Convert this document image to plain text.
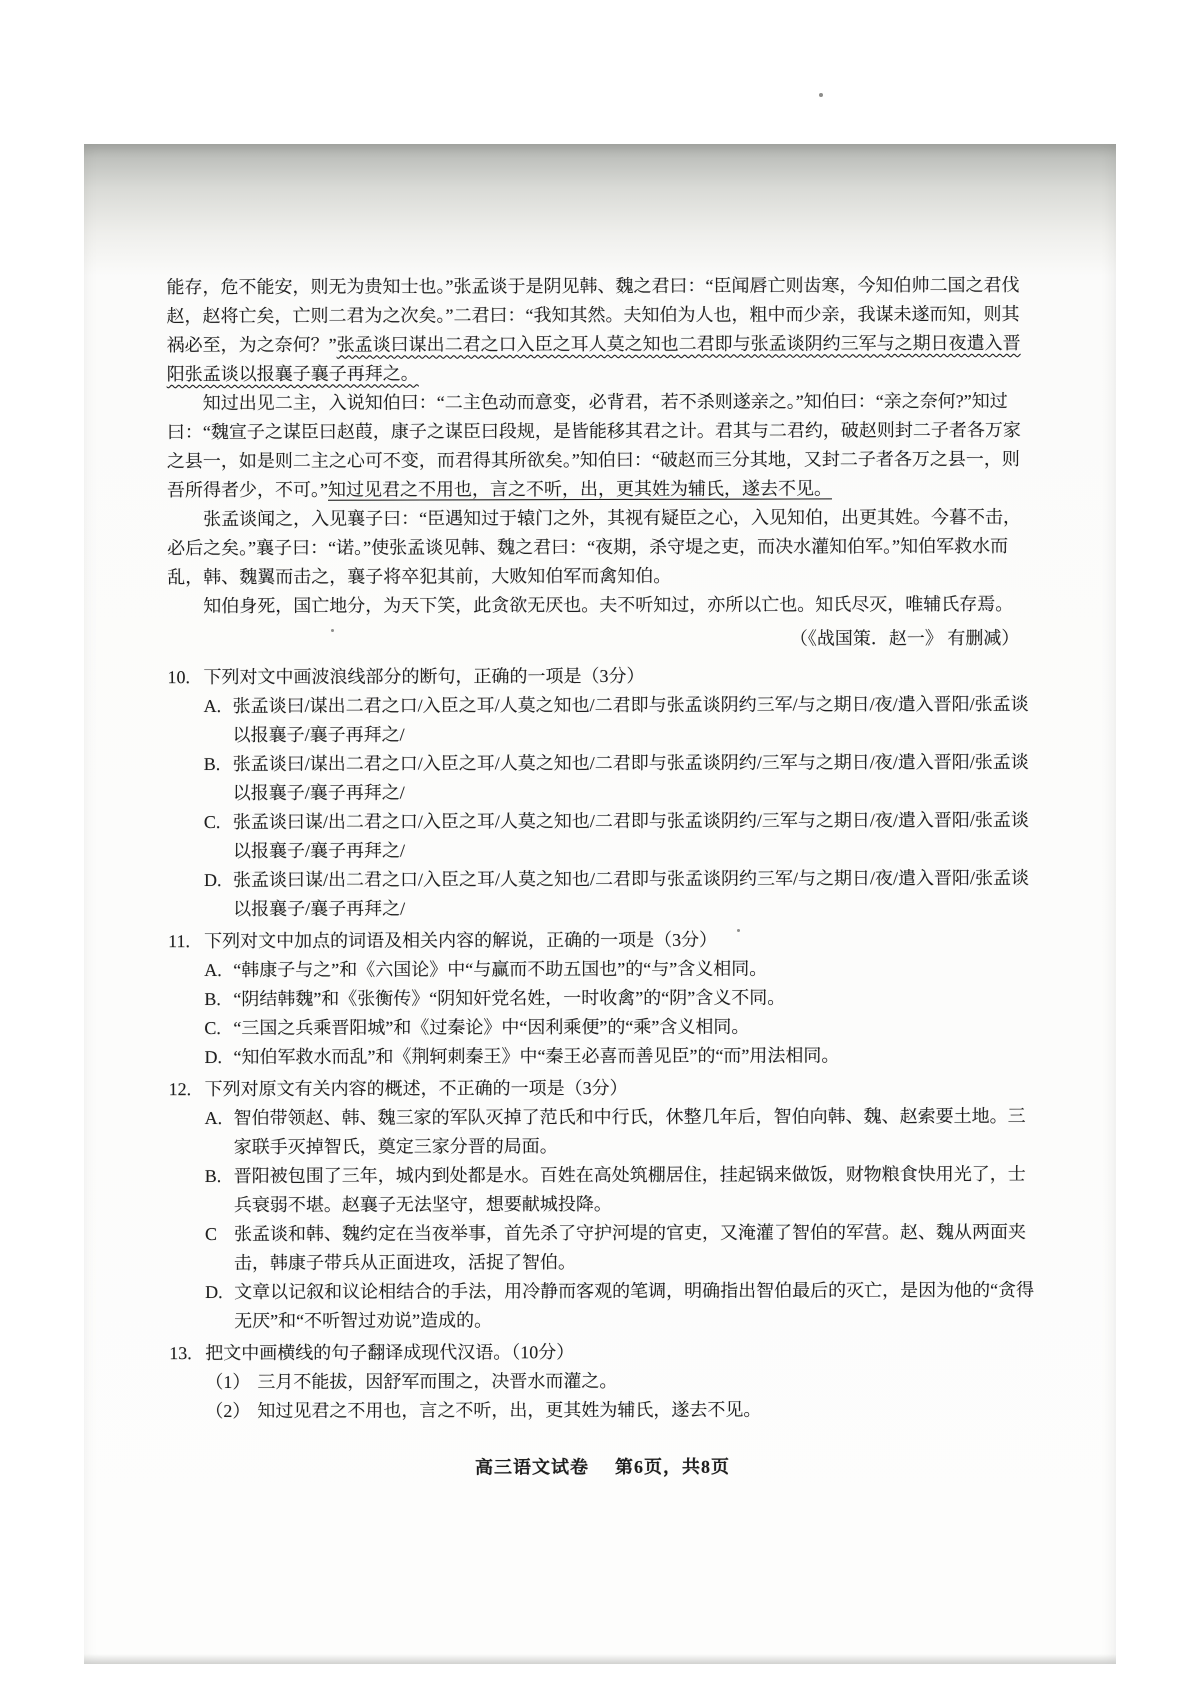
能存，危不能安，则无为贵知士也。”张孟谈于是阴见韩、魏之君曰：“臣闻唇亡则齿寒，今知伯帅二国之君伐赵，赵将亡矣，亡则二君为之次矣。”二君曰：“我知其然。夫知伯为人也，粗中而少亲，我谋未遂而知，则其祸必至，为之奈何？”张孟谈曰谋出二君之口入臣之耳人莫之知也二君即与张孟谈阴约三军与之期日夜遣入晋阳张孟谈以报襄子襄子再拜之。

知过出见二主，入说知伯曰：“二主色动而意变，必背君，若不杀则遂亲之。”知伯曰：“亲之奈何?”知过曰：“魏宣子之谋臣曰赵葭，康子之谋臣曰段规，是皆能移其君之计。君其与二君约，破赵则封二子者各万家之县一，如是则二主之心可不变，而君得其所欲矣。”知伯曰：“破赵而三分其地，又封二子者各万之县一，则吾所得者少，不可。”知过见君之不用也，言之不听，出，更其姓为辅氏，遂去不见。

张孟谈闻之，入见襄子曰：“臣遇知过于辕门之外，其视有疑臣之心，入见知伯，出更其姓。今暮不击，必后之矣。”襄子曰：“诺。”使张孟谈见韩、魏之君曰：“夜期，杀守堤之吏，而决水灌知伯军。”知伯军救水而乱，韩、魏翼而击之，襄子将卒犯其前，大败知伯军而禽知伯。

知伯身死，国亡地分，为天下笑，此贪欲无厌也。夫不听知过，亦所以亡也。知氏尽灭，唯辅氏存焉。

（《战国策．赵一》 有删减）

10. 下列对文中画波浪线部分的断句，正确的一项是（3分）
A. 张孟谈曰/谋出二君之口/入臣之耳/人莫之知也/二君即与张孟谈阴约三军/与之期日/夜/遣入晋阳/张孟谈以报襄子/襄子再拜之/
B. 张孟谈曰/谋出二君之口/入臣之耳/人莫之知也/二君即与张孟谈阴约/三军与之期日/夜/遣入晋阳/张孟谈以报襄子/襄子再拜之/
C. 张孟谈曰谋/出二君之口/入臣之耳/人莫之知也/二君即与张孟谈阴约/三军与之期日/夜/遣入晋阳/张孟谈以报襄子/襄子再拜之/
D. 张孟谈曰谋/出二君之口/入臣之耳/人莫之知也/二君即与张孟谈阴约三军/与之期日/夜/遣入晋阳/张孟谈以报襄子/襄子再拜之/
11. 下列对文中加点的词语及相关内容的解说，正确的一项是（3分）
A. “韩康子与之”和《六国论》中“与赢而不助五国也”的“与”含义相同。
B. “阴结韩魏”和《张衡传》“阴知奸党名姓，一时收禽”的“阴”含义不同。
C. “三国之兵乘晋阳城”和《过秦论》中“因利乘便”的“乘”含义相同。
D. “知伯军救水而乱”和《荆轲刺秦王》中“秦王必喜而善见臣”的“而”用法相同。
12. 下列对原文有关内容的概述，不正确的一项是（3分）
A. 智伯带领赵、韩、魏三家的军队灭掉了范氏和中行氏，休整几年后，智伯向韩、魏、赵索要土地。三家联手灭掉智氏，奠定三家分晋的局面。
B. 晋阳被包围了三年，城内到处都是水。百姓在高处筑棚居住，挂起锅来做饭，财物粮食快用光了，士兵衰弱不堪。赵襄子无法坚守，想要献城投降。
C 张孟谈和韩、魏约定在当夜举事，首先杀了守护河堤的官吏，又淹灌了智伯的军营。赵、魏从两面夹击，韩康子带兵从正面进攻，活捉了智伯。
D. 文章以记叙和议论相结合的手法，用冷静而客观的笔调，明确指出智伯最后的灭亡，是因为他的“贪得无厌”和“不听智过劝说”造成的。
13. 把文中画横线的句子翻译成现代汉语。（10分）
（1） 三月不能拔，因舒军而围之，决晋水而灌之。
（2） 知过见君之不用也，言之不听，出，更其姓为辅氏，遂去不见。
高三语文试卷 第6页，共8页
